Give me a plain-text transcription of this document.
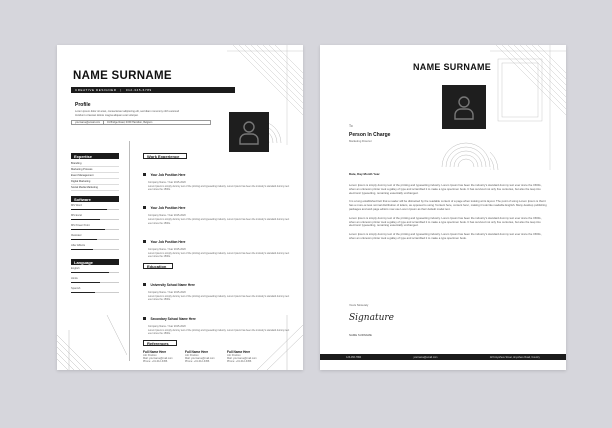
NAME SURNAME
CREATIVE DESIGNER | 012-345-6789
Profile
Lorem ipsum dolor sit amet, consectetuer adipiscing elit, sed diam nonummy nibh euismod tincidunt ut laoreet dolore magna aliquam erat volutpat.
yourname@email.com	01 Bridge Road, 0159 Hamilton, Belgium
Expertise
Branding
Marketing Process
Event Management
Digital Marketing
Social Media Marketing
Software
MS Word
MS Excel
MS Power Point
Illustrator
After Effects
Language
English
Hindu
Spanish
Work Experience
Your Job Position Here
Company Name / Year 2015-2020
Lorem Ipsum is simply dummy text of the printing and typesetting industry. Lorem Ipsum has been the industry's standard dummy text ever since the 1500s.
Your Job Position Here
Company Name / Year 2015-2020
Lorem Ipsum is simply dummy text of the printing and typesetting industry. Lorem Ipsum has been the industry's standard dummy text ever since the 1500s.
Your Job Position Here
Company Name / Year 2015-2020
Lorem Ipsum is simply dummy text of the printing and typesetting industry. Lorem Ipsum has been the industry's standard dummy text ever since the 1500s.
Education
University School Name Here
Company Name / Year 2015-2020
Lorem Ipsum is simply dummy text of the printing and typesetting industry. Lorem Ipsum has been the industry's standard dummy text ever since the 1500s.
Secondary School Name Here
Company Name / Year 2015-2020
Lorem Ipsum is simply dummy text of the printing and typesetting industry. Lorem Ipsum has been the industry's standard dummy text ever since the 1500s.
References
Full Name Here
Job Position
Mail: yourname@mail.com
Phone: +01-012-3456
Full Name Here
Job Position
Mail: yourname@mail.com
Phone: +01-012-3456
Full Name Here
Job Position
Mail: yourname@mail.com
Phone: +01-012-3456
NAME SURNAME
To
Person In Charge
Marketing Director
Date, Day Month Year

Lorem Ipsum is simply dummy text of the printing and typesetting industry. Lorem Ipsum has been the industry's standard dummy text ever since the 1500s, when an unknown printer took a galley of type and scrambled it to make a type specimen book. It has survived not only five centuries, but also the leap into electronic typesetting, remaining essentially unchanged.

It is a long established fact that a reader will be distracted by the readable content of a page when looking at its layout. The point of using Lorem Ipsum is that it has a more-or-less normal distribution of letters, as opposed to using 'Content here, content here', making it look like readable English. Many desktop publishing packages and web page editors now use Lorem Ipsum as their default model text.

Lorem Ipsum is simply dummy text of the printing and typesetting industry. Lorem Ipsum has been the industry's standard dummy text ever since the 1500s, when an unknown printer took a galley of type and scrambled it to make a type specimen book. It has survived not only five centuries, but also the leap into electronic typesetting, remaining essentially unchanged.

Lorem Ipsum is simply dummy text of the printing and typesetting industry. Lorem Ipsum has been the industry's standard dummy text ever since the 1500s, when an unknown printer took a galley of type and scrambled it to make a type specimen book.

Yours Sincerely
Signature
NAME SURNAME
123-456-7890	yourname@email.com	123 Anywhere Street, Anywhere Road, Country
